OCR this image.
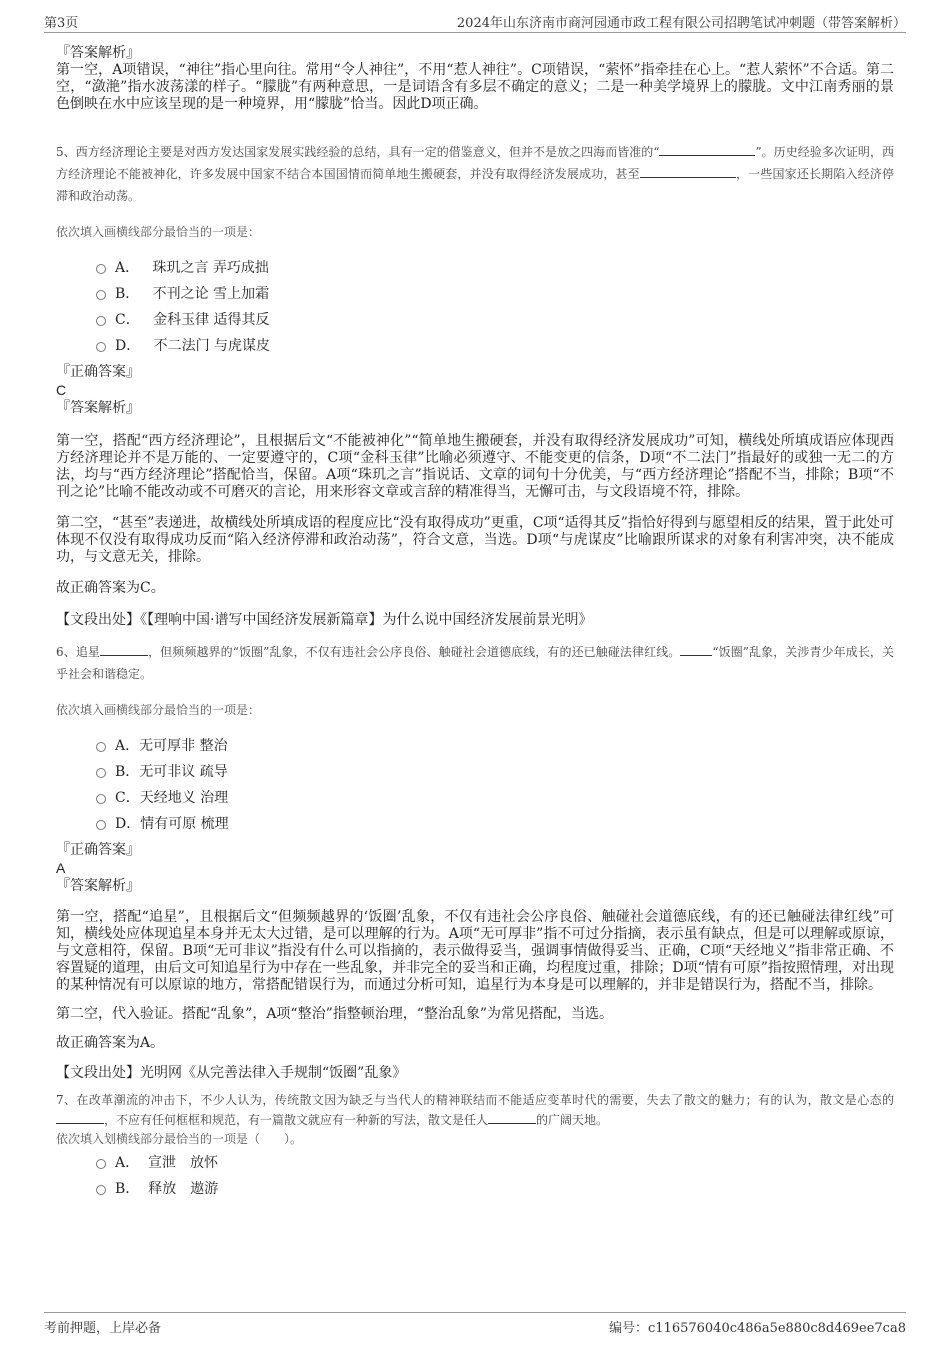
第3页	2024年山东济南市商河园通市政工程有限公司招聘笔试冲刺题（带答案解析）
『答案解析』

第一空，A项错误，“神往”指心里向往。常用“令人神往”，不用“惹人神往”。C项错误，“萦怀”指牵挂在心上。“惹人萦怀”不合适。第二空，“潋滟”指水波荡漾的样子。“朦胧”有两种意思，一是词语含有多层不确定的意义；二是一种美学境界上的朦胧。文中江南秀丽的景色倒映在水中应该呈现的是一种境界，用“朦胧”恰当。因此D项正确。

5、西方经济理论主要是对西方发达国家发展实践经验的总结，具有一定的借鉴意义，但并不是放之四海而皆准的“	”。历史经验多次证明，西方经济理论不能被神化，许多发展中国家不结合本国国情而简单地生搬硬套，并没有取得经济发展成功，甚至	，一些国家还长期陷入经济停滞和政治动荡。

依次填入画横线部分最恰当的一项是：
A． 珠玑之言 弄巧成拙
B． 不刊之论 雪上加霜
C． 金科玉律 适得其反
D． 不二法门 与虎谋皮
『正确答案』
C
『答案解析』

第一空，搭配“西方经济理论”，且根据后文“不能被神化”“简单地生搬硬套，并没有取得经济发展成功”可知，横线处所填成语应体现西方经济理论并不是万能的、一定要遵守的，C项“金科玉律”比喻必须遵守、不能变更的信条，D项“不二法门”指最好的或独一无二的方法，均与“西方经济理论”搭配恰当，保留。A项“珠玑之言”指说话、文章的词句十分优美，与“西方经济理论”搭配不当，排除；B项“不刊之论”比喻不能改动或不可磨灭的言论，用来形容文章或言辞的精准得当，无懈可击，与文段语境不符，排除。

第二空，“甚至”表递进，故横线处所填成语的程度应比“没有取得成功”更重，C项“适得其反”指恰好得到与愿望相反的结果，置于此处可体现不仅没有取得成功反而“陷入经济停滞和政治动荡”，符合文意，当选。D项“与虎谋皮”比喻跟所谋求的对象有利害冲突，决不能成功，与文意无关，排除。

故正确答案为C。

【文段出处】《【理响中国·谱写中国经济发展新篇章】为什么说中国经济发展前景光明》

6、追星	，但频频越界的“饭圈”乱象，不仅有违社会公序良俗、触碰社会道德底线，有的还已触碰法律红线。	“饭圈”乱象，关涉青少年成长，关乎社会和谐稳定。

依次填入画横线部分最恰当的一项是：
A．无可厚非 整治
B．无可非议 疏导
C．天经地义 治理
D．情有可原 梳理
『正确答案』
A
『答案解析』

第一空，搭配“追星”，且根据后文“但频频越界的‘饭圈’乱象，不仅有违社会公序良俗、触碰社会道德底线，有的还已触碰法律红线”可知，横线处应体现追星本身并无太大过错，是可以理解的行为。A项“无可厚非”指不可过分指摘，表示虽有缺点，但是可以理解或原谅，与文意相符，保留。B项“无可非议”指没有什么可以指摘的，表示做得妥当，强调事情做得妥当、正确，C项“天经地义”指非常正确、不容置疑的道理，由后文可知追星行为中存在一些乱象，并非完全的妥当和正确，均程度过重，排除；D项“情有可原”指按照情理，对出现的某种情况有可以原谅的地方，常搭配错误行为，而通过分析可知，追星行为本身是可以理解的，并非是错误行为，搭配不当，排除。

第二空，代入验证。搭配“乱象”，A项“整治”指整顿治理，“整治乱象”为常见搭配，当选。

故正确答案为A。

【文段出处】光明网《从完善法律入手规制“饭圈”乱象》

7、在改革潮流的冲击下，不少人认为，传统散文因为缺乏与当代人的精神联结而不能适应变革时代的需要，失去了散文的魅力；有的认为，散文是心态的，不应有任何框框和规范，有一篇散文就应有一种新的写法，散文是任人	的广阔天地。

依次填入划横线部分最恰当的一项是（　　）。
A． 宣泄　放怀
B． 释放　遨游
考前押题，上岸必备	编号：c116576040c486a5e880c8d469ee7ca8
